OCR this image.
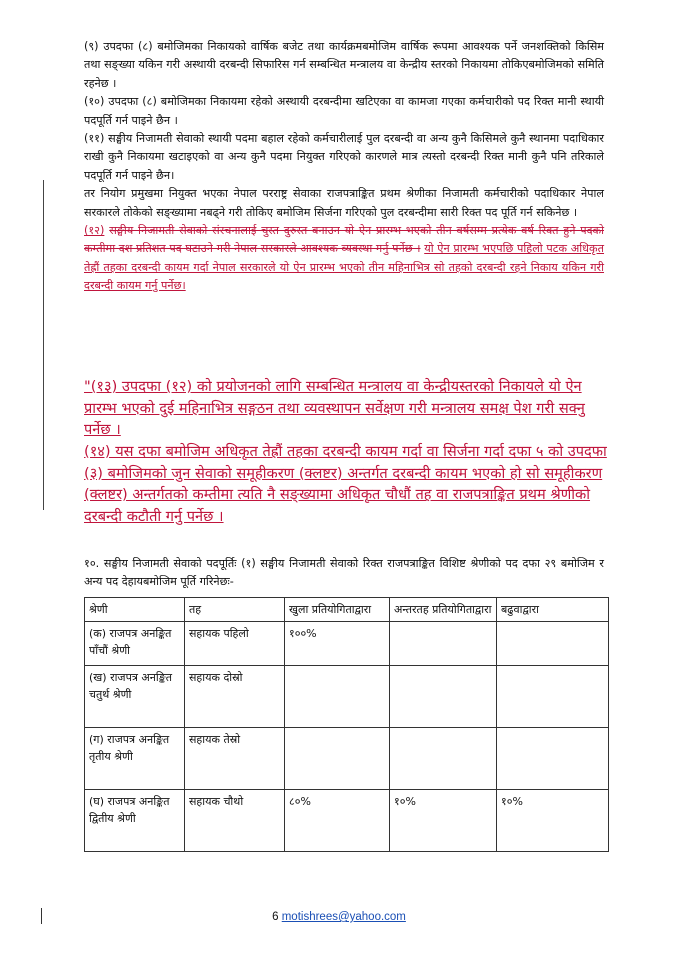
(९) उपदफा (८) बमोजिमका निकायको वार्षिक बजेट तथा कार्यक्रमबमोजिम वार्षिक रूपमा आवश्यक पर्ने जनशक्तिको किसिम तथा सङ्ख्या यकिन गरी अस्थायी दरबन्दी सिफारिस गर्न सम्बन्धित मन्त्रालय वा केन्द्रीय स्तरको निकायमा तोकिएबमोजिमको समिति रहनेछ ।

(१०) उपदफा (८) बमोजिमका निकायमा रहेको अस्थायी दरबन्दीमा खटिएका वा कामजा गएका कर्मचारीको पद रिक्त मानी स्थायी पदपूर्ति गर्न पाइने छैन ।

(११) सङ्घीय निजामती सेवाको स्थायी पदमा बहाल रहेको कर्मचारीलाई पुल दरबन्दी वा अन्य कुनै किसिमले कुनै स्थानमा पदाधिकार राखी कुनै निकायमा खटाइएको वा अन्य कुनै पदमा नियुक्त गरिएको कारणले मात्र त्यस्तो दरबन्दी रिक्त मानी कुनै पनि तरिकाले पदपूर्ति गर्न पाइने छैन।

तर नियोग प्रमुखमा नियुक्त भएका नेपाल परराष्ट्र सेवाका राजपत्राङ्कित प्रथम श्रेणीका निजामती कर्मचारीको पदाधिकार नेपाल सरकारले तोकेको सङ्ख्यामा नबढ्ने गरी तोकिए बमोजिम सिर्जना गरिएको पुल दरबन्दीमा सारी रिक्त पद पूर्ति गर्न सकिनेछ ।

(१२) सङ्घीय निजामती सेवाको संरचनालाई चुस्त दुरुस्त बनाउन यो ऐन प्रारम्भ भएको तीन वर्षसम्म प्रत्येक वर्ष रिक्त हुने पदको कम्तीमा दश प्रतिशत पद घटाउने गरी नेपाल सरकारले आवश्यक व्यवस्था गर्नु पर्नेछ । यो ऐन प्रारम्भ भएपछि पहिलो पटक अधिकृत तेह्रौं तहका दरबन्दी कायम गर्दा नेपाल सरकारले यो ऐन प्रारम्भ भएको तीन महिनाभित्र सो तहको दरबन्दी रहने निकाय यकिन गरी दरबन्दी कायम गर्नु पर्नेछ।

"(१३) उपदफा (१२) को प्रयोजनको लागि सम्बन्धित मन्त्रालय वा केन्द्रीयस्तरको निकायले यो ऐन प्रारम्भ भएको दुई महिनाभित्र सङ्गठन तथा व्यवस्थापन सर्वेक्षण गरी मन्त्रालय समक्ष पेश गरी सक्नु पर्नेछ ।

(१४) यस दफा बमोजिम अधिकृत तेह्रौं तहका दरबन्दी कायम गर्दा वा सिर्जना गर्दा दफा ५ को उपदफा (३) बमोजिमको जुन सेवाको समूहीकरण (क्लष्टर) अन्तर्गत दरबन्दी कायम भएको हो सो समूहीकरण (क्लष्टर) अन्तर्गतको कम्तीमा त्यति नै सङ्ख्यामा अधिकृत चौधौं तह वा राजपत्राङ्कित प्रथम श्रेणीको दरबन्दी कटौती गर्नु पर्नेछ ।

१०. सङ्घीय निजामती सेवाको पदपूर्तिः (१) सङ्घीय निजामती सेवाको रिक्त राजपत्राङ्कित विशिष्ट श्रेणीको पद दफा २९ बमोजिम र अन्य पद देहायबमोजिम पूर्ति गरिनेछः-

श्रेणी	तह	खुला प्रतियोगिताद्वारा	अन्तरतह प्रतियोगिताद्वारा	बढुवाद्वारा
(क) राजपत्र अनङ्कित पाँचौं श्रेणी	सहायक पहिलो	१००%		
(ख) राजपत्र अनङ्कित चतुर्थ श्रेणी	सहायक दोस्रो			
(ग) राजपत्र अनङ्कित तृतीय श्रेणी	सहायक तेस्रो			
(घ) राजपत्र अनङ्कित द्वितीय श्रेणी	सहायक चौथो	८०%	१०%	१०%
6 motishrees@yahoo.com
